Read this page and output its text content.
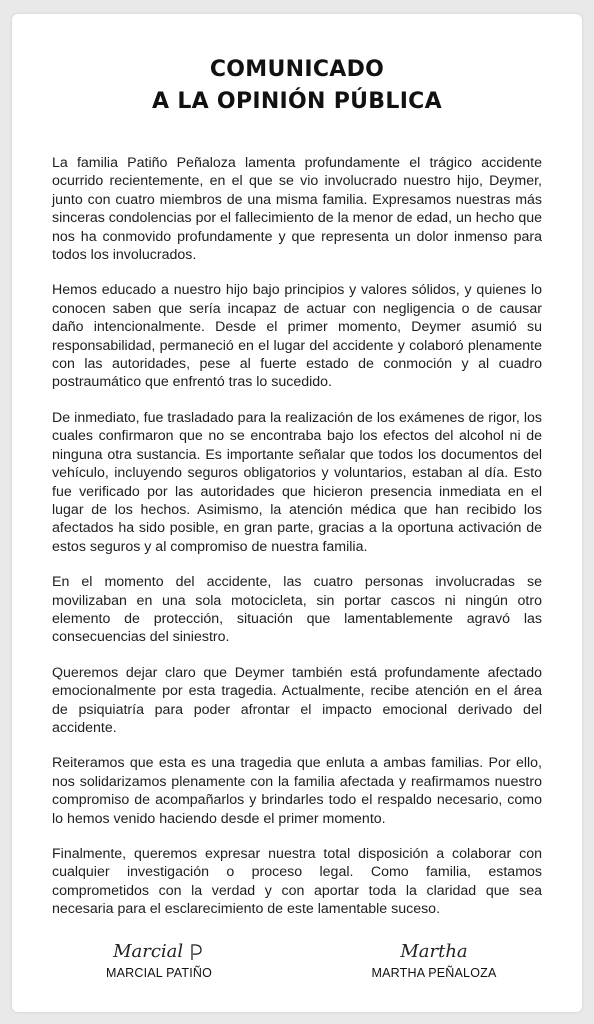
COMUNICADO
A LA OPINIÓN PÚBLICA

La familia Patiño Peñaloza lamenta profundamente el trágico accidente ocurrido recientemente, en el que se vio involucrado nuestro hijo, Deymer, junto con cuatro miembros de una misma familia. Expresamos nuestras más sinceras condolencias por el fallecimiento de la menor de edad, un hecho que nos ha conmovido profundamente y que representa un dolor inmenso para todos los involucrados.

Hemos educado a nuestro hijo bajo principios y valores sólidos, y quienes lo conocen saben que sería incapaz de actuar con negligencia o de causar daño intencionalmente. Desde el primer momento, Deymer asumió su responsabilidad, permaneció en el lugar del accidente y colaboró plenamente con las autoridades, pese al fuerte estado de conmoción y al cuadro postraumático que enfrentó tras lo sucedido.

De inmediato, fue trasladado para la realización de los exámenes de rigor, los cuales confirmaron que no se encontraba bajo los efectos del alcohol ni de ninguna otra sustancia. Es importante señalar que todos los documentos del vehículo, incluyendo seguros obligatorios y voluntarios, estaban al día. Esto fue verificado por las autoridades que hicieron presencia inmediata en el lugar de los hechos. Asimismo, la atención médica que han recibido los afectados ha sido posible, en gran parte, gracias a la oportuna activación de estos seguros y al compromiso de nuestra familia.

En el momento del accidente, las cuatro personas involucradas se movilizaban en una sola motocicleta, sin portar cascos ni ningún otro elemento de protección, situación que lamentablemente agravó las consecuencias del siniestro.

Queremos dejar claro que Deymer también está profundamente afectado emocionalmente por esta tragedia. Actualmente, recibe atención en el área de psiquiatría para poder afrontar el impacto emocional derivado del accidente.

Reiteramos que esta es una tragedia que enluta a ambas familias. Por ello, nos solidarizamos plenamente con la familia afectada y reafirmamos nuestro compromiso de acompañarlos y brindarles todo el respaldo necesario, como lo hemos venido haciendo desde el primer momento.

Finalmente, queremos expresar nuestra total disposición a colaborar con cualquier investigación o proceso legal. Como familia, estamos comprometidos con la verdad y con aportar toda la claridad que sea necesaria para el esclarecimiento de este lamentable suceso.

Marcial
MARCIAL PATIÑO
Martha
MARTHA PEÑALOZA
